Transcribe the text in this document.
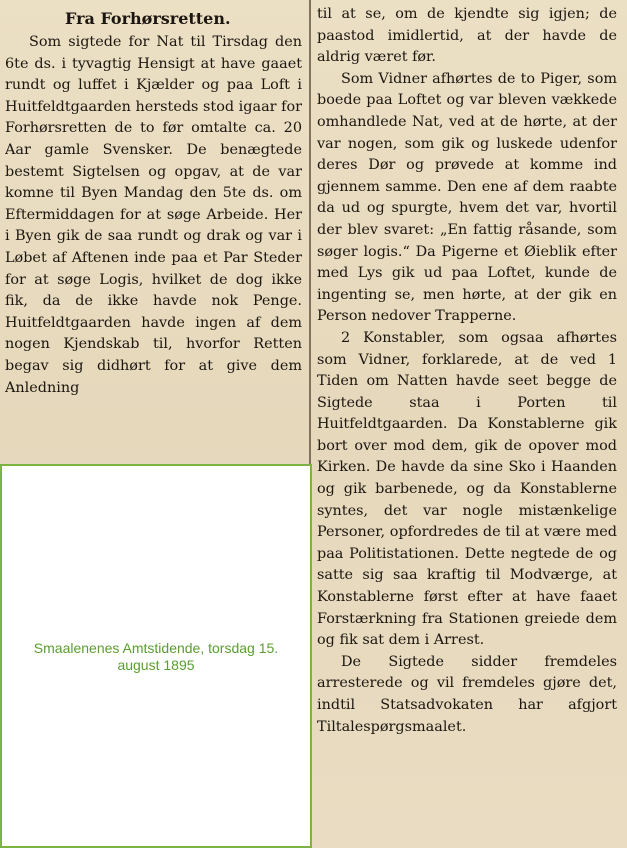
Fra Forhørsretten.

Som sigtede for Nat til Tirsdag den 6te ds. i tyvagtig Hensigt at have gaaet rundt og luffet i Kjælder og paa Loft i Huitfeldtgaarden hersteds stod igaar for Forhørsretten de to før omtalte ca. 20 Aar gamle Svensker. De benægtede bestemt Sigtelsen og opgav, at de var komne til Byen Mandag den 5te ds. om Eftermiddagen for at søge Arbeide. Her i Byen gik de saa rundt og drak og var i Løbet af Aftenen inde paa et Par Steder for at søge Logis, hvilket de dog ikke fik, da de ikke havde nok Penge. Huitfeldtgaarden havde ingen af dem nogen Kjendskab til, hvorfor Retten begav sig didhørt for at give dem Anledning

til at se, om de kjendte sig igjen; de paastod imidlertid, at der havde de aldrig været før.

Som Vidner afhørtes de to Piger, som boede paa Loftet og var bleven vækkede omhandlede Nat, ved at de hørte, at der var nogen, som gik og luskede udenfor deres Dør og prøvede at komme ind gjennem samme. Den ene af dem raabte da ud og spurgte, hvem det var, hvortil der blev svaret: „En fattig råsande, som søger logis.“ Da Pigerne et Øieblik efter med Lys gik ud paa Loftet, kunde de ingenting se, men hørte, at der gik en Person nedover Trapperne.

2 Konstabler, som ogsaa afhørtes som Vidner, forklarede, at de ved 1 Tiden om Natten havde seet begge de Sigtede staa i Porten til Huitfeldtgaarden. Da Konstablerne gik bort over mod dem, gik de opover mod Kirken. De havde da sine Sko i Haanden og gik barbenede, og da Konstablerne syntes, det var nogle mistænkelige Personer, opfordredes de til at være med paa Politistationen. Dette negtede de og satte sig saa kraftig til Modværge, at Konstablerne først efter at have faaet Forstærkning fra Stationen greiede dem og fik sat dem i Arrest.

De Sigtede sidder fremdeles arresterede og vil fremdeles gjøre det, indtil Statsadvokaten har afgjort Tiltalespørgsmaalet.

Smaalenenes Amtstidende, torsdag 15. august 1895
